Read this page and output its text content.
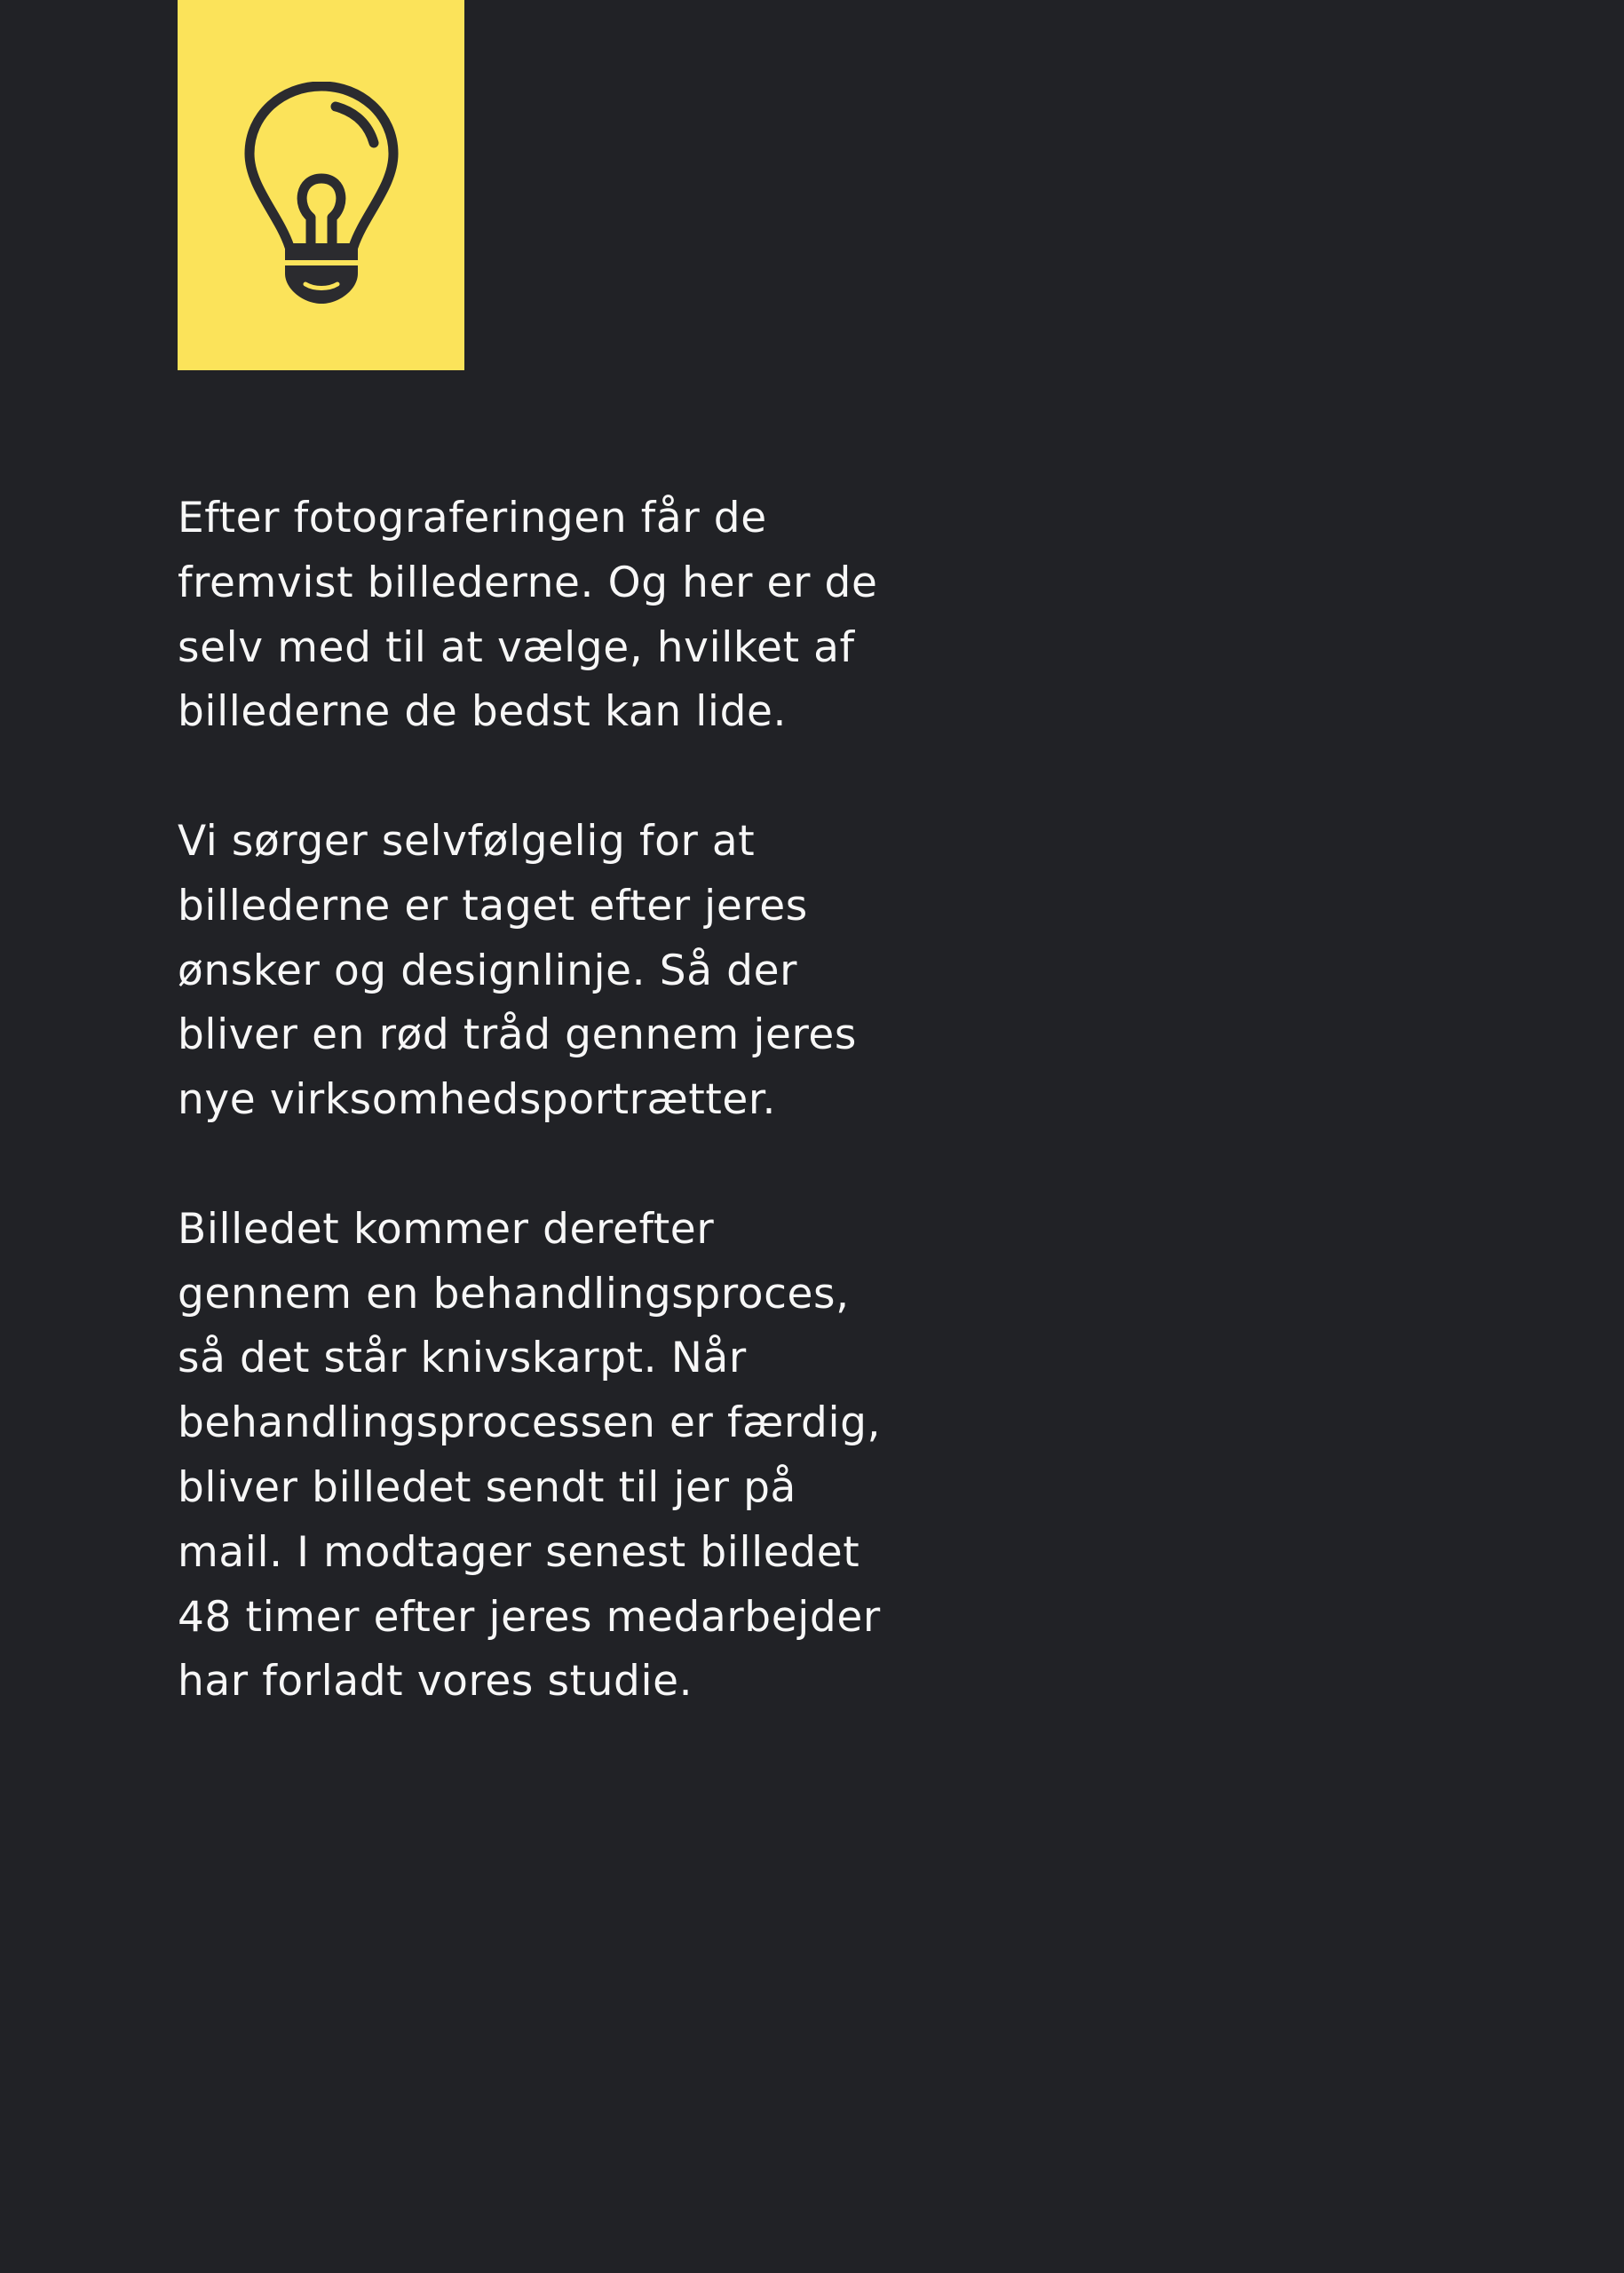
Efter fotograferingen får de
fremvist billederne. Og her er de
selv med til at vælge, hvilket af
billederne de bedst kan lide.

Vi sørger selvfølgelig for at
billederne er taget efter jeres
ønsker og designlinje. Så der
bliver en rød tråd gennem jeres
nye virksomhedsportrætter.

Billedet kommer derefter
gennem en behandlingsproces,
så det står knivskarpt. Når
behandlingsprocessen er færdig,
bliver billedet sendt til jer på
mail. I modtager senest billedet
48 timer efter jeres medarbejder
har forladt vores studie.
